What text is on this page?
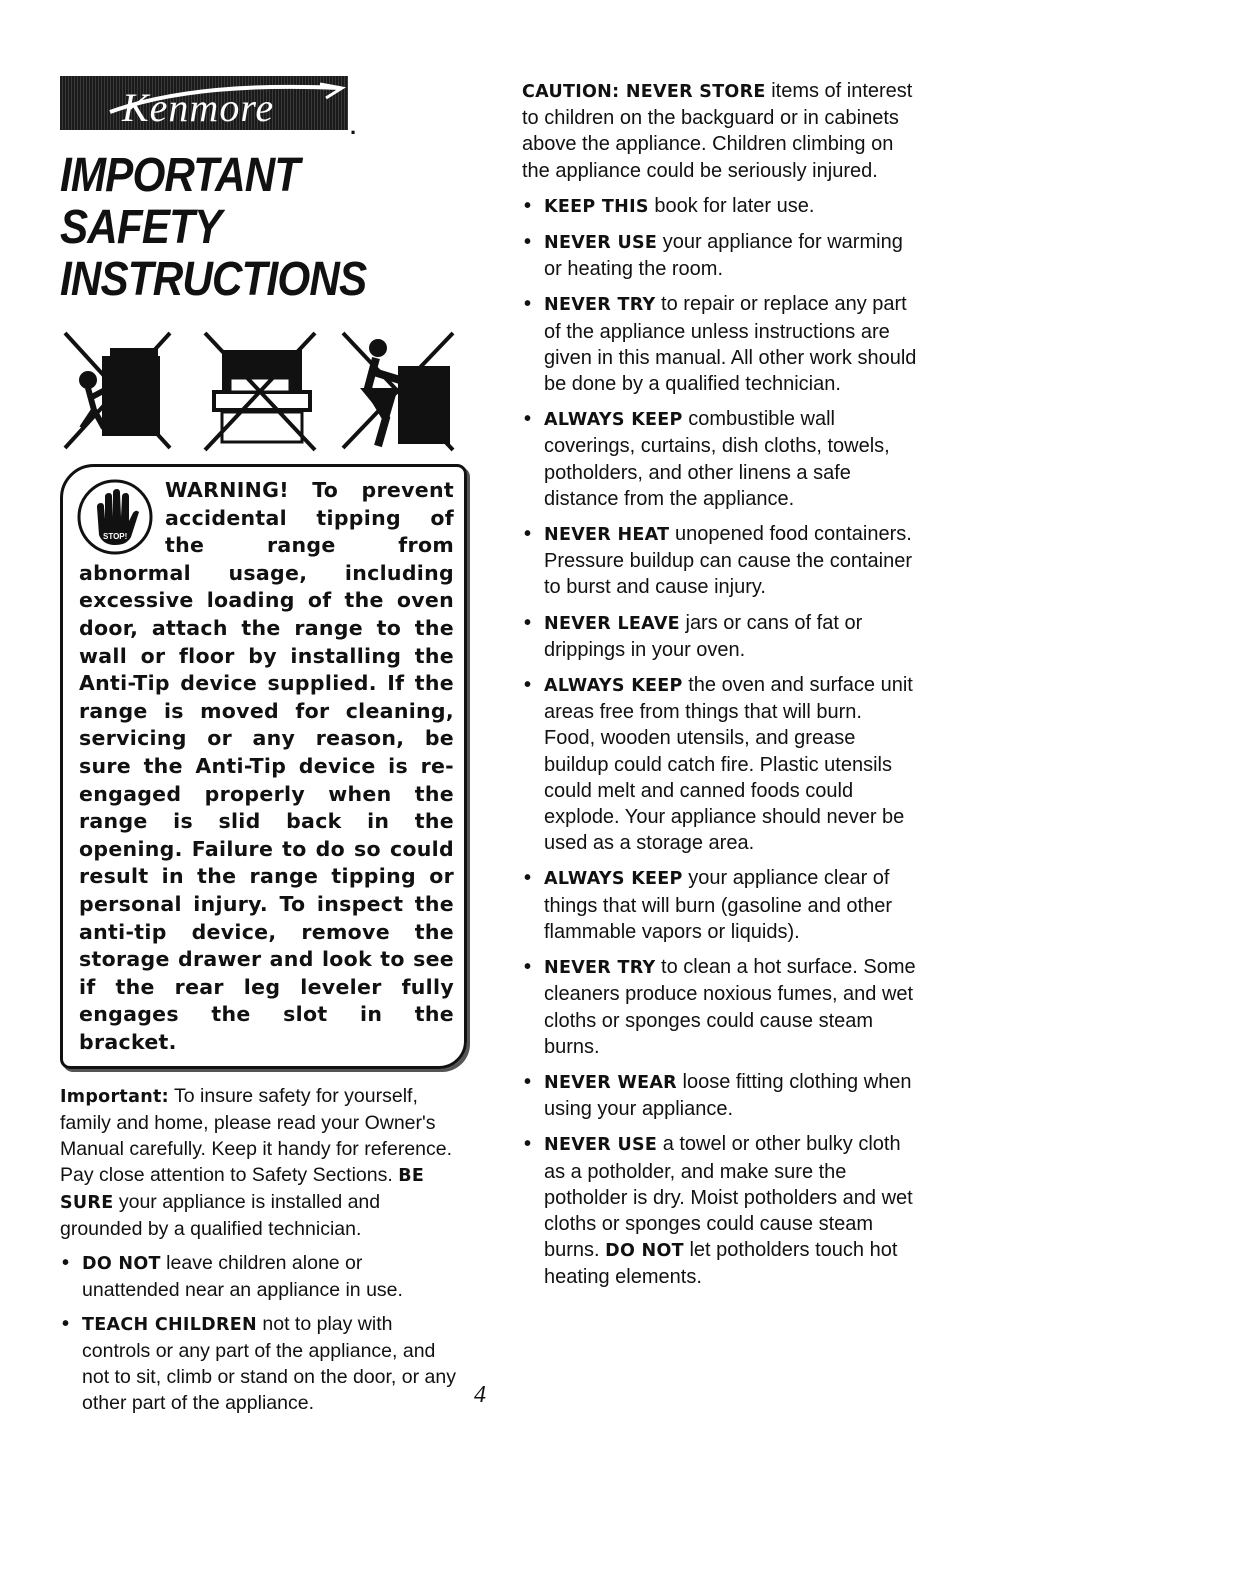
Kenmore	.
IMPORTANT SAFETY
INSTRUCTIONS
STOP!
WARNING! To prevent accidental tipping of the range from abnormal usage, including excessive loading of the oven door, attach the range to the wall or floor by installing the Anti-Tip device supplied. If the range is moved for cleaning, servicing or any reason, be sure the Anti-Tip device is re-engaged properly when the range is slid back in the opening. Failure to do so could result in the range tipping or personal injury. To inspect the anti-tip device, remove the storage drawer and look to see if the rear leg leveler fully engages the slot in the bracket.
Important: To insure safety for yourself, family and home, please read your Owner's Manual carefully. Keep it handy for reference. Pay close attention to Safety Sections. BE SURE your appliance is installed and grounded by a qualified technician.
• DO NOT leave children alone or unattended near an appliance in use.
• TEACH CHILDREN not to play with controls or any part of the appliance, and not to sit, climb or stand on the door, or any other part of the appliance.
CAUTION: NEVER STORE items of interest to children on the backguard or in cabinets above the appliance. Children climbing on the appliance could be seriously injured.
• KEEP THIS book for later use.
• NEVER USE your appliance for warming or heating the room.
• NEVER TRY to repair or replace any part of the appliance unless instructions are given in this manual. All other work should be done by a qualified technician.
• ALWAYS KEEP combustible wall coverings, curtains, dish cloths, towels, potholders, and other linens a safe distance from the appliance.
• NEVER HEAT unopened food containers. Pressure buildup can cause the container to burst and cause injury.
• NEVER LEAVE jars or cans of fat or drippings in your oven.
• ALWAYS KEEP the oven and surface unit areas free from things that will burn. Food, wooden utensils, and grease buildup could catch fire. Plastic utensils could melt and canned foods could explode. Your appliance should never be used as a storage area.
• ALWAYS KEEP your appliance clear of things that will burn (gasoline and other flammable vapors or liquids).
• NEVER TRY to clean a hot surface. Some cleaners produce noxious fumes, and wet cloths or sponges could cause steam burns.
• NEVER WEAR loose fitting clothing when using your appliance.
• NEVER USE a towel or other bulky cloth as a potholder, and make sure the potholder is dry. Moist potholders and wet cloths or sponges could cause steam burns. DO NOT let potholders touch hot heating elements.
4
